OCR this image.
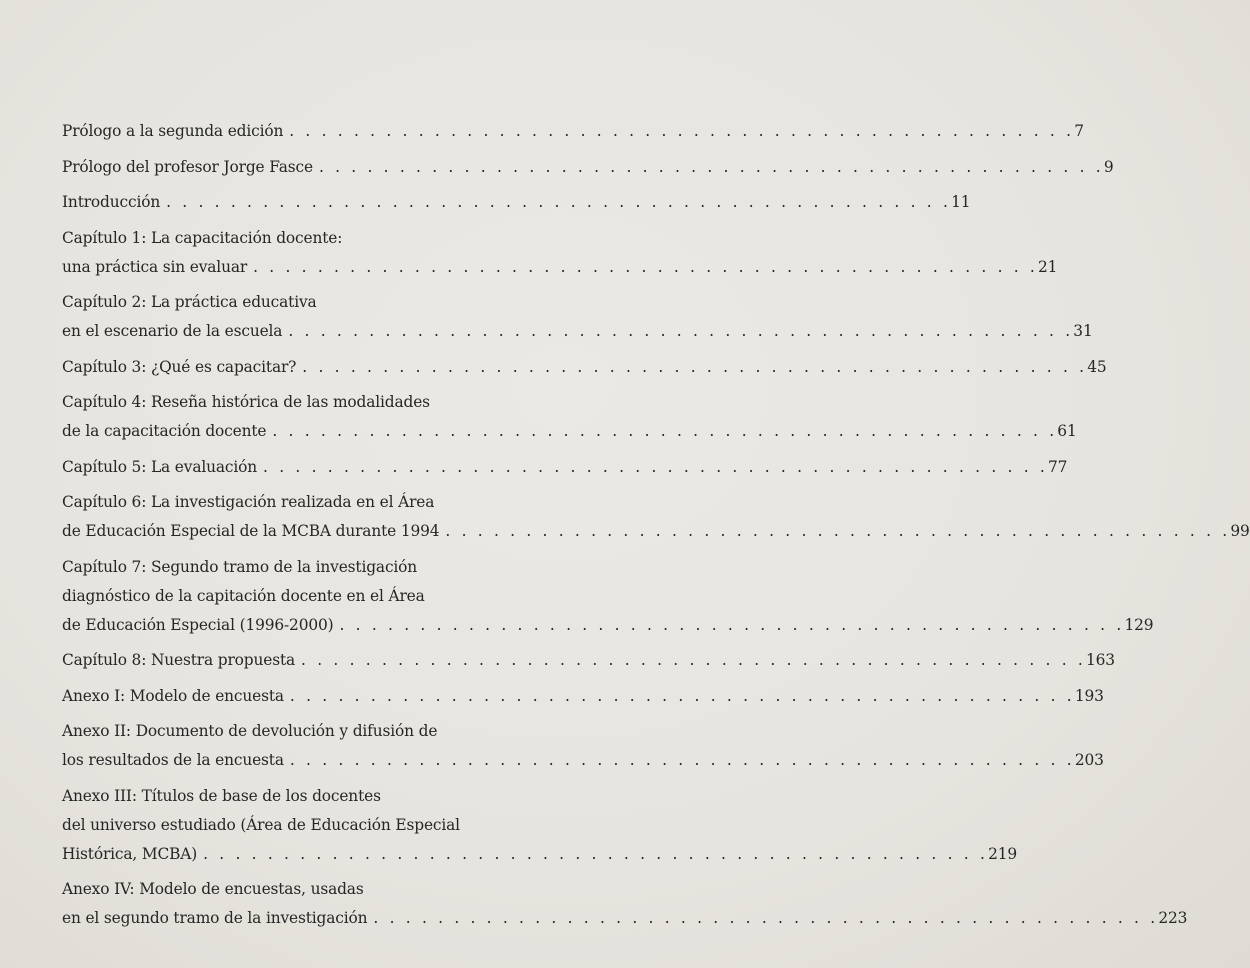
Prólogo a la segunda edición . . . . . . . . . . . . . . . . . . . . . . . . . . . . . . . . . . . . . . . . . . . . . . . . . 7
Prólogo del profesor Jorge Fasce . . . . . . . . . . . . . . . . . . . . . . . . . . . . . . . . . . . . . . . . . . . . . . . . . 9
Introducción . . . . . . . . . . . . . . . . . . . . . . . . . . . . . . . . . . . . . . . . . . . . . . . . . 11
Capítulo 1: La capacitación docente:
una práctica sin evaluar . . . . . . . . . . . . . . . . . . . . . . . . . . . . . . . . . . . . . . . . . . . . . . . . . 21
Capítulo 2: La práctica educativa
en el escenario de la escuela . . . . . . . . . . . . . . . . . . . . . . . . . . . . . . . . . . . . . . . . . . . . . . . . . 31
Capítulo 3: ¿Qué es capacitar? . . . . . . . . . . . . . . . . . . . . . . . . . . . . . . . . . . . . . . . . . . . . . . . . . 45
Capítulo 4: Reseña histórica de las modalidades
de la capacitación docente . . . . . . . . . . . . . . . . . . . . . . . . . . . . . . . . . . . . . . . . . . . . . . . . . 61
Capítulo 5: La evaluación . . . . . . . . . . . . . . . . . . . . . . . . . . . . . . . . . . . . . . . . . . . . . . . . . 77
Capítulo 6: La investigación realizada en el Área
de Educación Especial de la MCBA durante 1994 . . . . . . . . . . . . . . . . . . . . . . . . . . . . . . . . . . . . . . . . . . . . . . . . . 99
Capítulo 7: Segundo tramo de la investigación
diagnóstico de la capitación docente en el Área
de Educación Especial (1996-2000) . . . . . . . . . . . . . . . . . . . . . . . . . . . . . . . . . . . . . . . . . . . . . . . . . 129
Capítulo 8: Nuestra propuesta . . . . . . . . . . . . . . . . . . . . . . . . . . . . . . . . . . . . . . . . . . . . . . . . . 163
Anexo I: Modelo de encuesta . . . . . . . . . . . . . . . . . . . . . . . . . . . . . . . . . . . . . . . . . . . . . . . . . 193
Anexo II: Documento de devolución y difusión de
los resultados de la encuesta . . . . . . . . . . . . . . . . . . . . . . . . . . . . . . . . . . . . . . . . . . . . . . . . . 203
Anexo III: Títulos de base de los docentes
del universo estudiado (Área de Educación Especial
Histórica, MCBA) . . . . . . . . . . . . . . . . . . . . . . . . . . . . . . . . . . . . . . . . . . . . . . . . . 219
Anexo IV: Modelo de encuestas, usadas
en el segundo tramo de la investigación . . . . . . . . . . . . . . . . . . . . . . . . . . . . . . . . . . . . . . . . . . . . . . . . . 223
